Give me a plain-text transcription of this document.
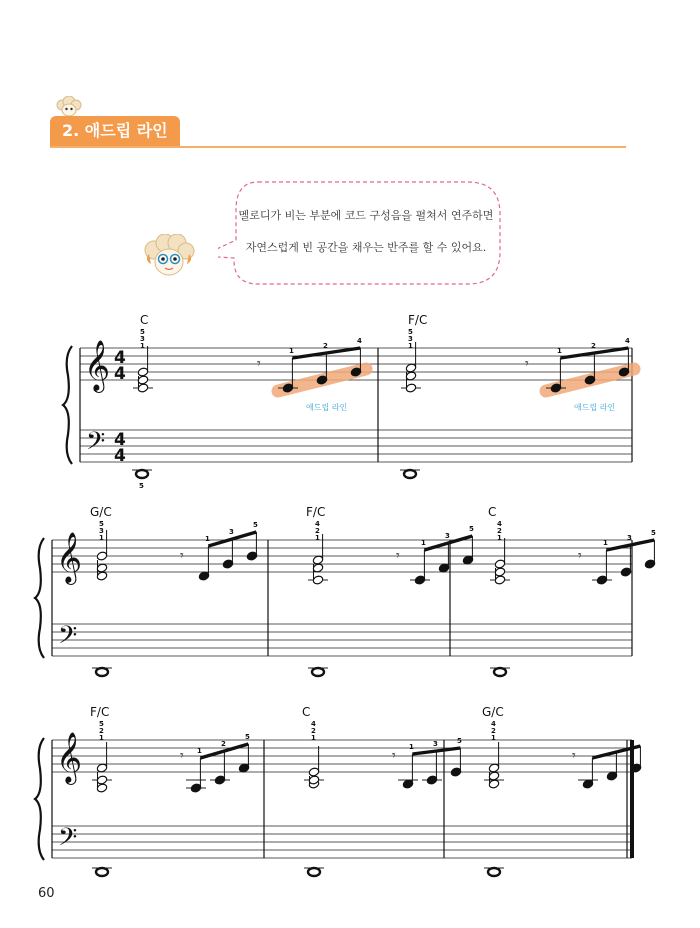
2. 애드립 라인
멜로디가 비는 부분에 코드 구성음을 펼쳐서 연주하면
자연스럽게 빈 공간을 채우는 반주를 할 수 있어요.
𝄞
𝄢
4
4
4
4
C
5
3
1
𝄾
애드립 라인
1
2
4
5
F/C
5
3
1
𝄾
애드립 라인
1
2
4
𝄞
𝄢
G/C
5
3
1
𝄾
1
3
5
F/C
4
2
1
𝄾
1
3
5
C
4
2
1
𝄾
1
3
5
𝄞
𝄢
F/C
5
2
1
𝄾 1
2
5
C
4
2
1
𝄾
1	3	5
G/C
4
2
1
𝄾
60
